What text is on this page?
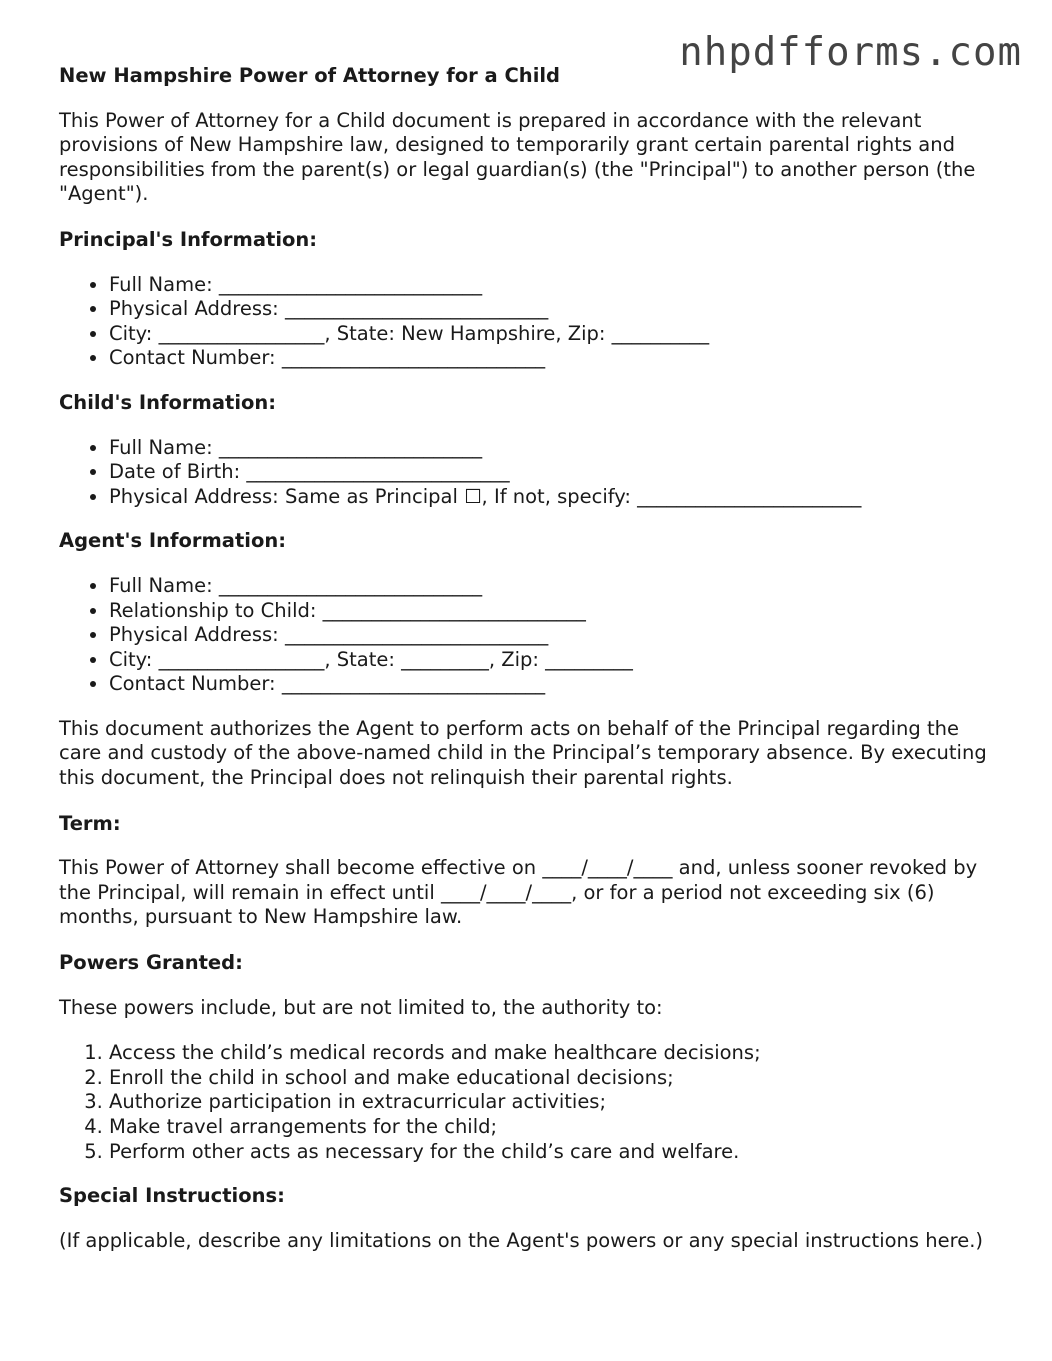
nhpdfforms.com
New Hampshire Power of Attorney for a Child

This Power of Attorney for a Child document is prepared in accordance with the relevant provisions of New Hampshire law, designed to temporarily grant certain parental rights and responsibilities from the parent(s) or legal guardian(s) (the "Principal") to another person (the "Agent").

Principal's Information:
• Full Name: ___________________________
• Physical Address: ___________________________
• City: _________________, State: New Hampshire, Zip: __________
• Contact Number: ___________________________
Child's Information:
• Full Name: ___________________________
• Date of Birth: ___________________________
• Physical Address: Same as Principal ☐, If not, specify: _______________________
Agent's Information:
• Full Name: ___________________________
• Relationship to Child: ___________________________
• Physical Address: ___________________________
• City: _________________, State: _________, Zip: _________
• Contact Number: ___________________________

This document authorizes the Agent to perform acts on behalf of the Principal regarding the care and custody of the above-named child in the Principal’s temporary absence. By executing this document, the Principal does not relinquish their parental rights.

Term:

This Power of Attorney shall become effective on ____/____/____ and, unless sooner revoked by the Principal, will remain in effect until ____/____/____, or for a period not exceeding six (6) months, pursuant to New Hampshire law.

Powers Granted:

These powers include, but are not limited to, the authority to:

1. Access the child’s medical records and make healthcare decisions;
2. Enroll the child in school and make educational decisions;
3. Authorize participation in extracurricular activities;
4. Make travel arrangements for the child;
5. Perform other acts as necessary for the child’s care and welfare.
Special Instructions:

(If applicable, describe any limitations on the Agent's powers or any special instructions here.)
